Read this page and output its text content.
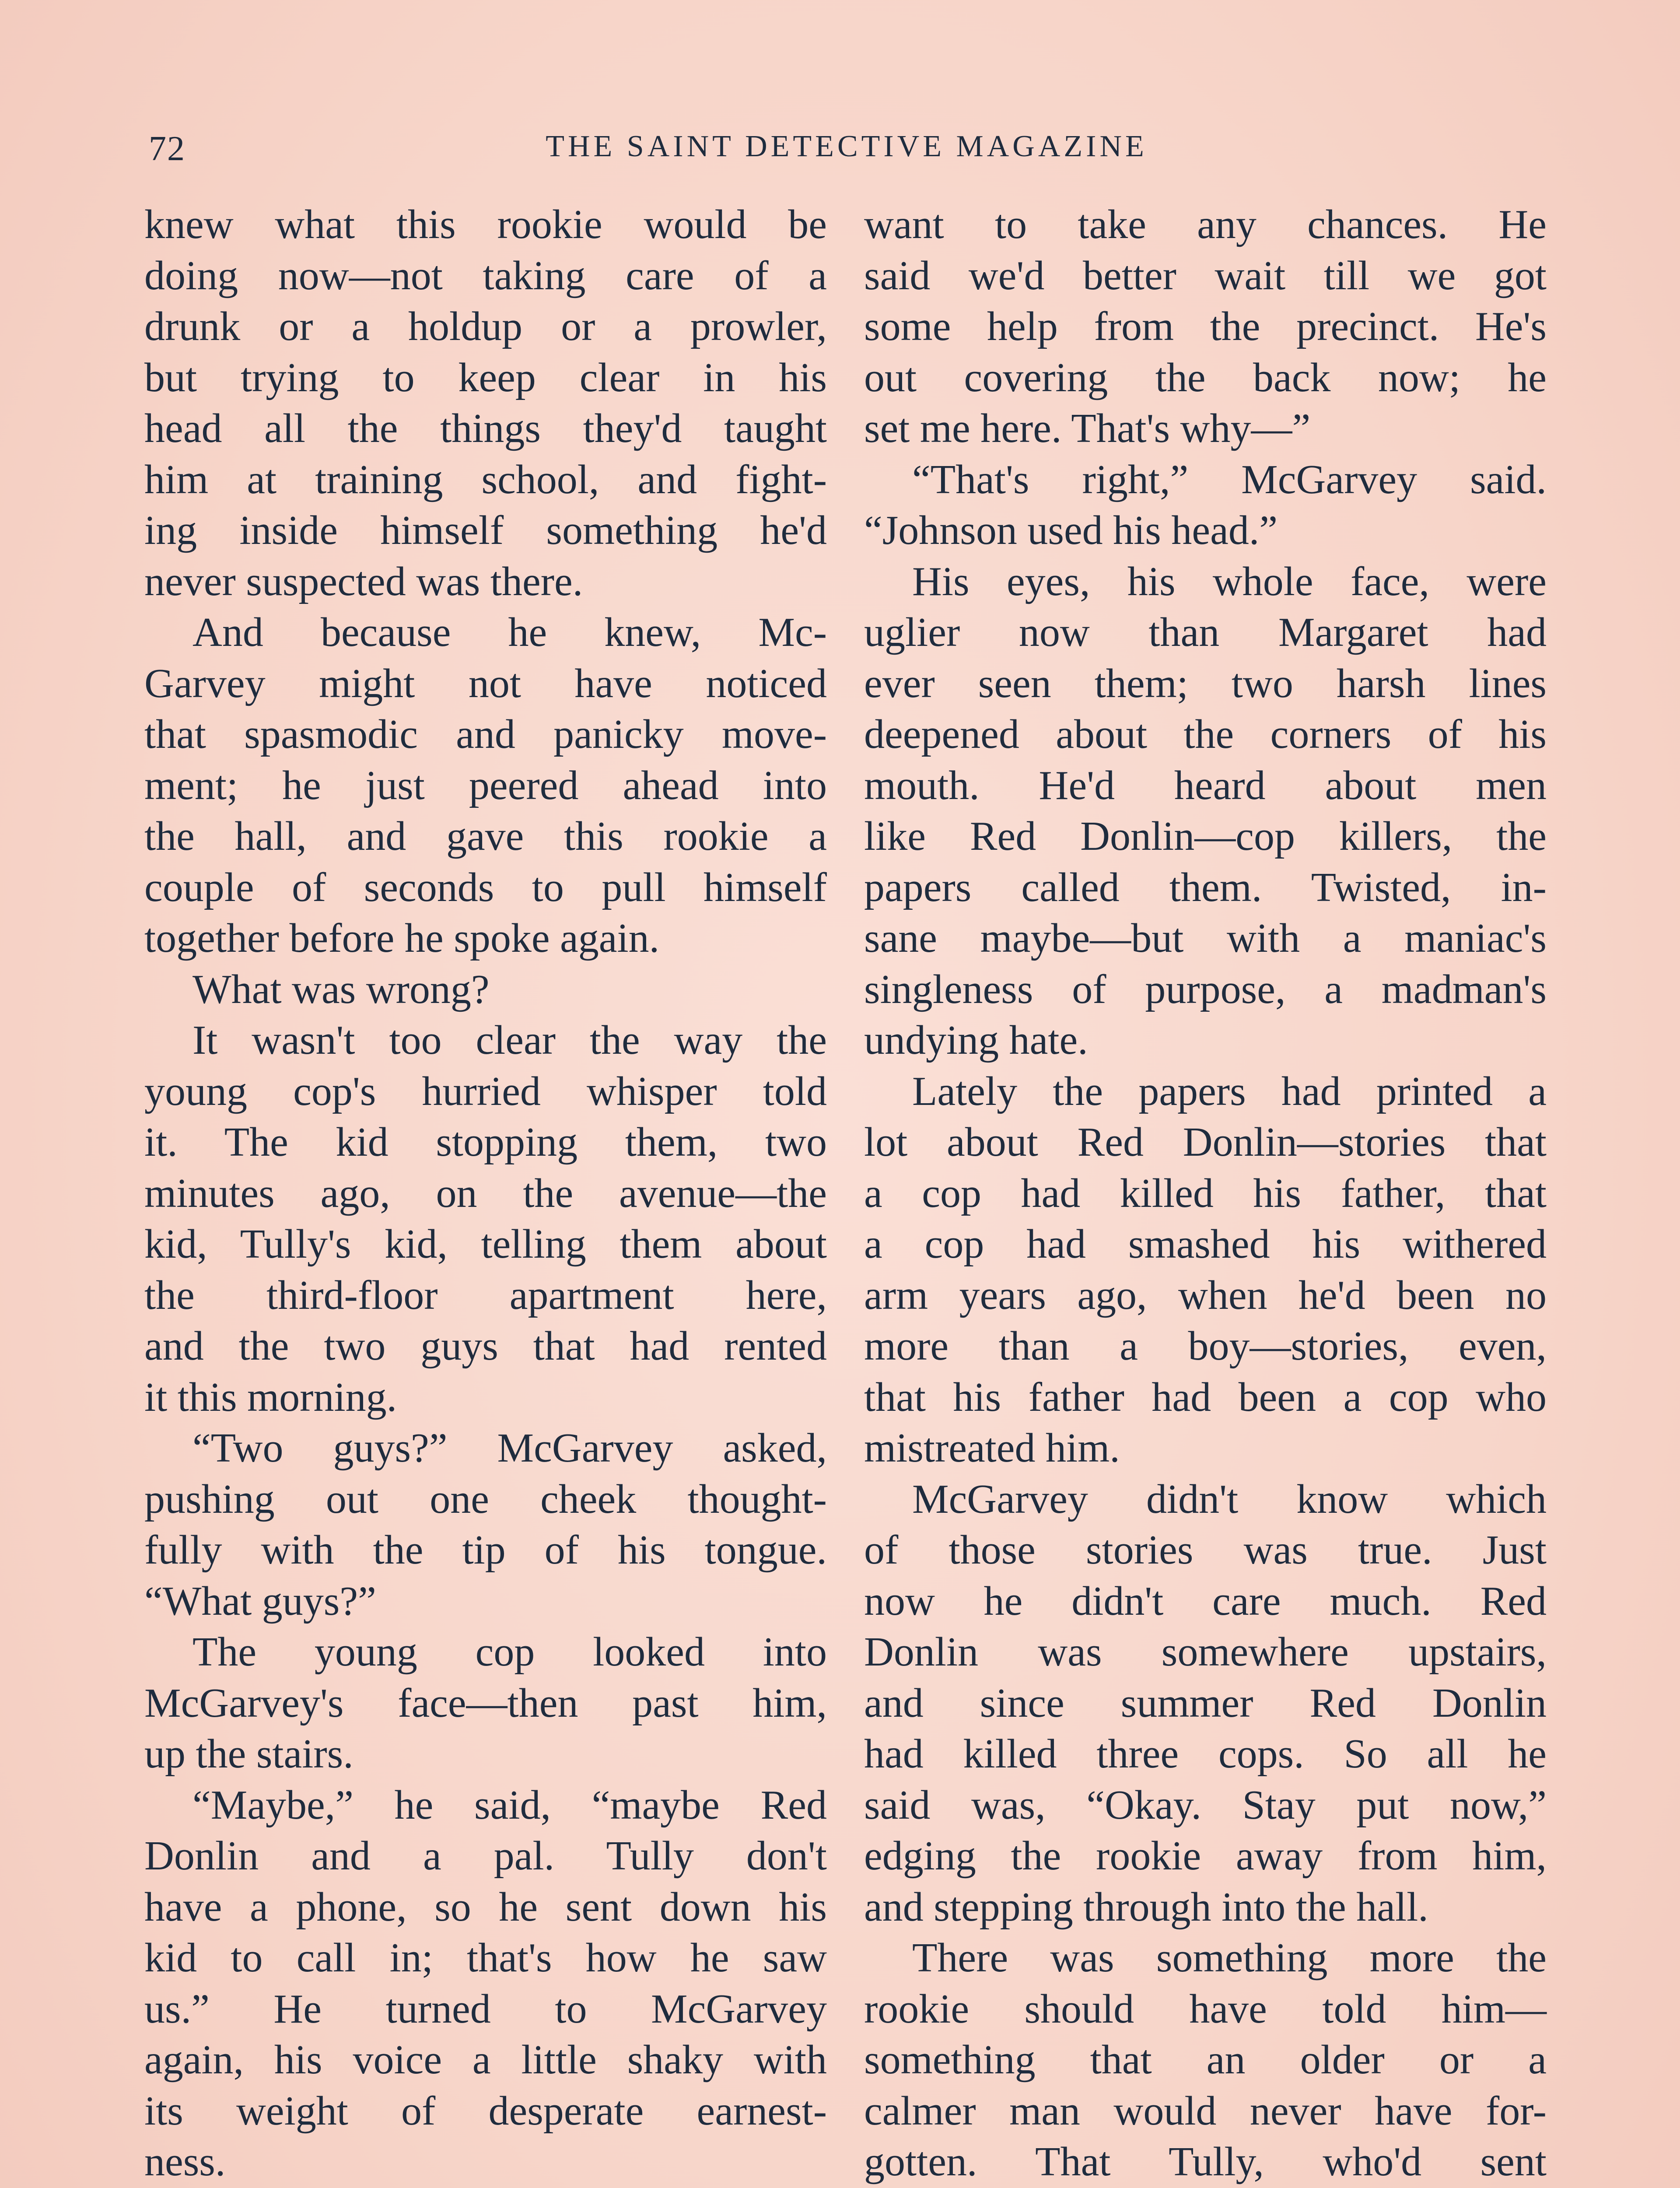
72	THE SAINT DETECTIVE MAGAZINE
knew what this rookie would be
doing now—not taking care of a
drunk or a holdup or a prowler,
but trying to keep clear in his
head all the things they'd taught
him at training school, and fight-
ing inside himself something he'd
never suspected was there.
And because he knew, Mc-
Garvey might not have noticed
that spasmodic and panicky move-
ment; he just peered ahead into
the hall, and gave this rookie a
couple of seconds to pull himself
together before he spoke again.
What was wrong?
It wasn't too clear the way the
young cop's hurried whisper told
it. The kid stopping them, two
minutes ago, on the avenue—the
kid, Tully's kid, telling them about
the third-floor apartment here,
and the two guys that had rented
it this morning.
“Two guys?” McGarvey asked,
pushing out one cheek thought-
fully with the tip of his tongue.
“What guys?”
The young cop looked into
McGarvey's face—then past him,
up the stairs.
“Maybe,” he said, “maybe Red
Donlin and a pal. Tully don't
have a phone, so he sent down his
kid to call in; that's how he saw
us.” He turned to McGarvey
again, his voice a little shaky with
its weight of desperate earnest-
ness.
want to take any chances. He
said we'd better wait till we got
some help from the precinct. He's
out covering the back now; he
set me here. That's why—”
“That's right,” McGarvey said.
“Johnson used his head.”
His eyes, his whole face, were
uglier now than Margaret had
ever seen them; two harsh lines
deepened about the corners of his
mouth. He'd heard about men
like Red Donlin—cop killers, the
papers called them. Twisted, in-
sane maybe—but with a maniac's
singleness of purpose, a madman's
undying hate.
Lately the papers had printed a
lot about Red Donlin—stories that
a cop had killed his father, that
a cop had smashed his withered
arm years ago, when he'd been no
more than a boy—stories, even,
that his father had been a cop who
mistreated him.
McGarvey didn't know which
of those stories was true. Just
now he didn't care much. Red
Donlin was somewhere upstairs,
and since summer Red Donlin
had killed three cops. So all he
said was, “Okay. Stay put now,”
edging the rookie away from him,
and stepping through into the hall.
There was something more the
rookie should have told him—
something that an older or a
calmer man would never have for-
gotten. That Tully, who'd sent
